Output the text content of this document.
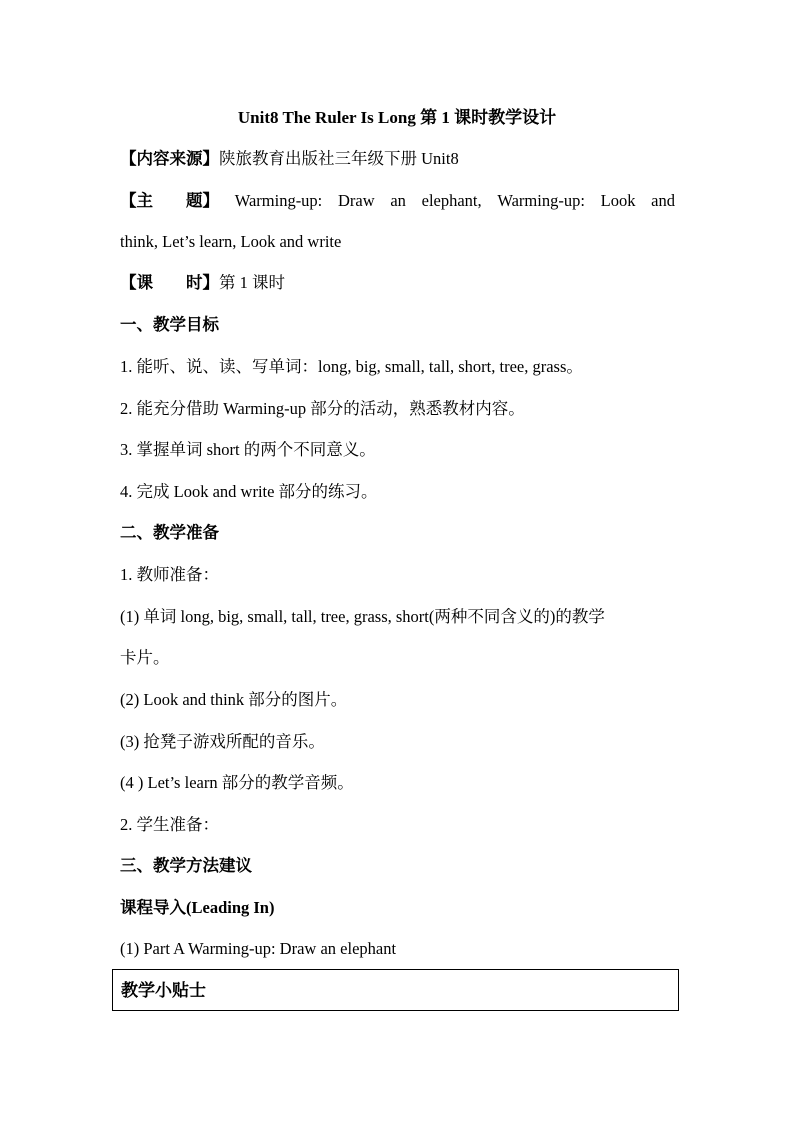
Unit8 The Ruler Is Long 第 1 课时教学设计
【内容来源】陕旅教育出版社三年级下册 Unit8
【主　　题】 Warming-up: Draw an elephant, Warming-up: Look and
think, Let’s learn, Look and write
【课　　时】第 1 课时
一、教学目标
1. 能听、说、读、写单词：long, big, small, tall, short, tree, grass。
2. 能充分借助 Warming-up 部分的活动，熟悉教材内容。
3. 掌握单词 short 的两个不同意义。
4. 完成 Look and write 部分的练习。
二、教学准备
1. 教师准备：
(1) 单词 long, big, small, tall, tree, grass, short(两种不同含义的)的教学
卡片。
(2) Look and think 部分的图片。
(3) 抢凳子游戏所配的音乐。
(4 ) Let’s learn 部分的教学音频。
2. 学生准备：
三、教学方法建议
课程导入(Leading In)
(1) Part A Warming-up: Draw an elephant
教学小贴士
